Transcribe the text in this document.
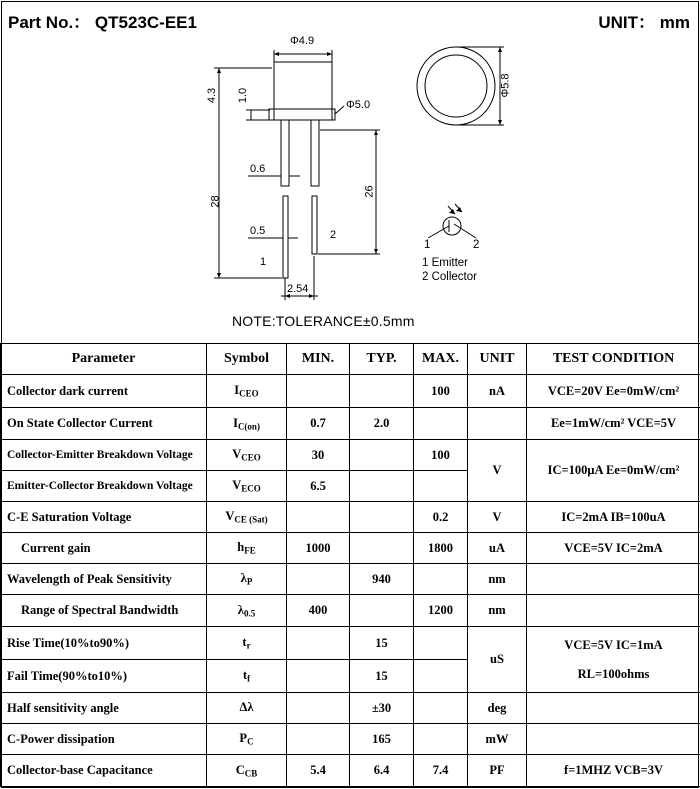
Part No.： QT523C-EE1	UNIT： mm
Φ4.9
Φ5.0
4.3 1.0
0.6
28
26
0.5
1
2
2.54
Φ5.8
1	2
1 Emitter
2 Collector
NOTE:TOLERANCE±0.5mm
Parameter	Symbol	MIN.	TYP.	MAX.	UNIT	TEST CONDITION
Collector dark current	$I_{CEO}$			100	nA	VCE=20V Ee=0mW/cm²
On State Collector Current	$I_{C(on)}$	0.7	2.0			Ee=1mW/cm² VCE=5V
Collector-Emitter Breakdown Voltage	$V_{CEO}$	30		100	V	IC=100μA Ee=0mW/cm²
Emitter-Collector Breakdown Voltage	$V_{ECO}$	6.5				
C-E Saturation Voltage	$V_{CE (Sat)}$			0.2	V	IC=2mA IB=100uA
Current gain	$h_{FE}$	1000		1800	uA	VCE=5V IC=2mA
Wavelength of Peak Sensitivity	$\lambda_P$		940		nm	
Range of Spectral Bandwidth	$\lambda_{0.5}$	400		1200	nm	
Rise Time(10%to90%)	$t_r$		15		uS	VCE=5V IC=1mA
RL=100ohms

Fail Time(90%to10%)	$t_f$		15			
Half sensitivity angle	Δλ		±30		deg	
C-Power dissipation	$P_C$		165		mW	
Collector-base Capacitance	$C_{CB}$	5.4	6.4	7.4	PF	f=1MHZ VCB=3V
